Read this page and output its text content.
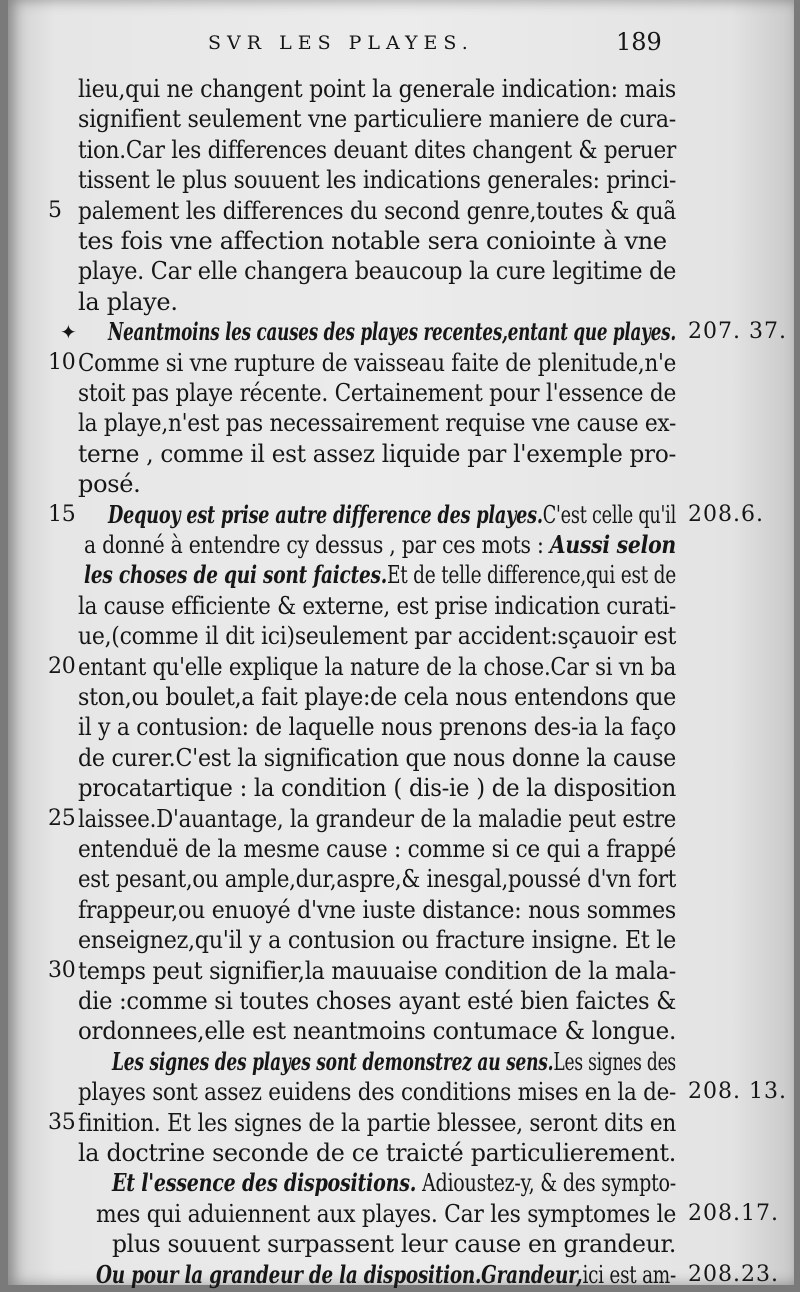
SVR LES PLAYES.	189
lieu,qui ne changent point la generale indication: mais
signifient seulement vne particuliere maniere de cura-
tion.Car les differences deuant dites changent & peruer
tissent le plus souuent les indications generales: princi-
5 palement les differences du second genre,toutes & quã
tes fois vne affection notable sera coniointe à vne
playe. Car elle changera beaucoup la cure legitime de
la playe.
✦ Neantmoins les causes des playes recentes,entant que playes. 207. 37.
10 Comme si vne rupture de vaisseau faite de plenitude,n'e
stoit pas playe récente. Certainement pour l'essence de
la playe,n'est pas necessairement requise vne cause ex-
terne , comme il est assez liquide par l'exemple pro-
posé.
15 Dequoy est prise autre difference des playes.C'est celle qu'il 208.6.
a donné à entendre cy dessus , par ces mots : Aussi selon
les choses de qui sont faictes.Et de telle difference,qui est de
la cause efficiente & externe, est prise indication curati-
ue,(comme il dit ici)seulement par accident:sçauoir est
20 entant qu'elle explique la nature de la chose.Car si vn ba
ston,ou boulet,a fait playe:de cela nous entendons que
il y a contusion: de laquelle nous prenons des-ia la faço
de curer.C'est la signification que nous donne la cause
procatartique : la condition ( dis-ie ) de la disposition
25 laissee.D'auantage, la grandeur de la maladie peut estre
entenduë de la mesme cause : comme si ce qui a frappé
est pesant,ou ample,dur,aspre,& inesgal,poussé d'vn fort
frappeur,ou enuoyé d'vne iuste distance: nous sommes
enseignez,qu'il y a contusion ou fracture insigne. Et le
30 temps peut signifier,la mauuaise condition de la mala-
die :comme si toutes choses ayant esté bien faictes &
ordonnees,elle est neantmoins contumace & longue.
Les signes des playes sont demonstrez au sens.Les signes des
playes sont assez euidens des conditions mises en la de- 208. 13.
35 finition. Et les signes de la partie blessee, seront dits en
la doctrine seconde de ce traicté particulierement.
Et l'essence des dispositions. Adioustez-y, & des sympto-
mes qui aduiennent aux playes. Car les symptomes le 208.17.
plus souuent surpassent leur cause en grandeur.
Ou pour la grandeur de la disposition.Grandeur,ici est am- 208.23.
